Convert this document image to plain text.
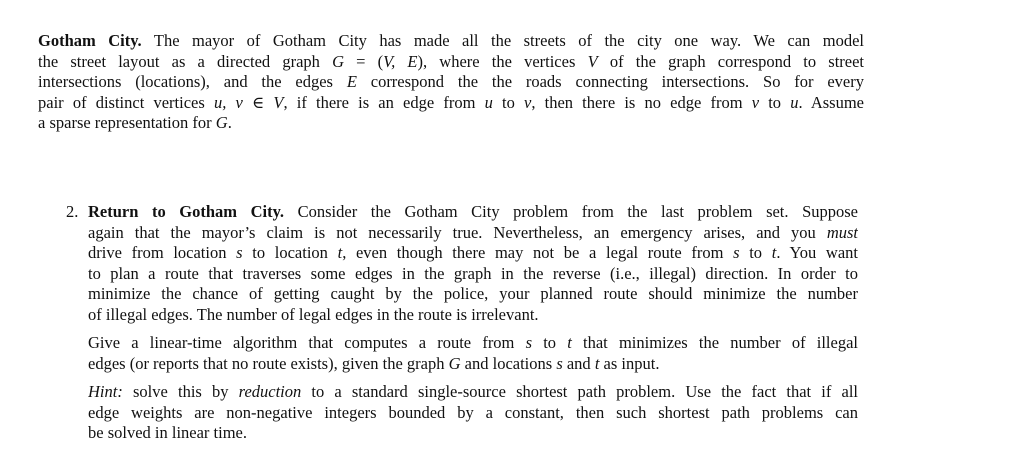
Gotham City. The mayor of Gotham City has made all the streets of the city one way. We can model
the street layout as a directed graph G = (V, E), where the vertices V of the graph correspond to street
intersections (locations), and the edges E correspond the the roads connecting intersections. So for every
pair of distinct vertices u, v ∈ V, if there is an edge from u to v, then there is no edge from v to u. Assume
a sparse representation for G.
2. Return to Gotham City. Consider the Gotham City problem from the last problem set. Suppose
again that the mayor’s claim is not necessarily true. Nevertheless, an emergency arises, and you must
drive from location s to location t, even though there may not be a legal route from s to t. You want
to plan a route that traverses some edges in the graph in the reverse (i.e., illegal) direction. In order to
minimize the chance of getting caught by the police, your planned route should minimize the number
of illegal edges. The number of legal edges in the route is irrelevant.
Give a linear-time algorithm that computes a route from s to t that minimizes the number of illegal
edges (or reports that no route exists), given the graph G and locations s and t as input.
Hint: solve this by reduction to a standard single-source shortest path problem. Use the fact that if all
edge weights are non-negative integers bounded by a constant, then such shortest path problems can
be solved in linear time.
